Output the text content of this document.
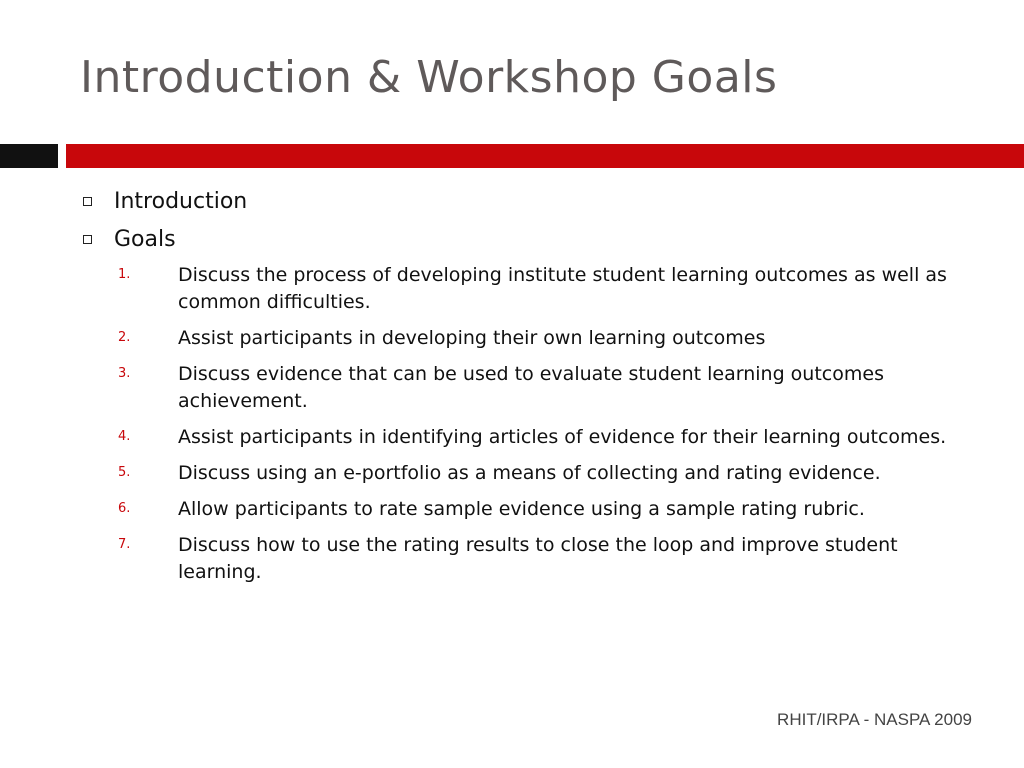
Introduction & Workshop Goals
Introduction
Goals
1.	Discuss the process of developing institute student learning outcomes as well as common difficulties.
2.	Assist participants in developing their own learning outcomes
3.	Discuss evidence that can be used to evaluate student learning outcomes achievement.
4.	Assist participants in identifying articles of evidence for their learning outcomes.
5.	Discuss using an e-portfolio as a means of collecting and rating evidence.
6.	Allow participants to rate sample evidence using a sample rating rubric.
7.	Discuss how to use the rating results to close the loop and improve student learning.
RHIT/IRPA - NASPA 2009
